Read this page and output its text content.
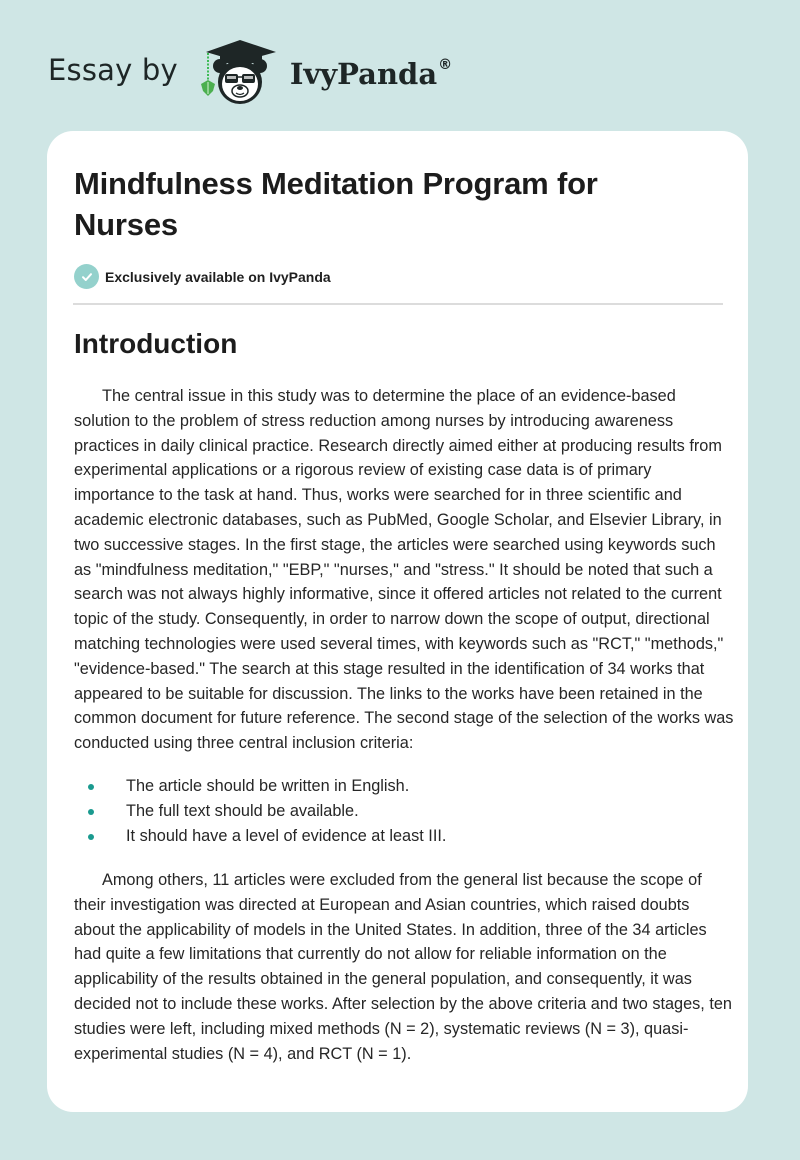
Essay by	IvyPanda®
Mindfulness Meditation Program for Nurses
Exclusively available on IvyPanda
Introduction

The central issue in this study was to determine the place of an evidence-based solution to the problem of stress reduction among nurses by introducing awareness practices in daily clinical practice. Research directly aimed either at producing results from experimental applications or a rigorous review of existing case data is of primary importance to the task at hand. Thus, works were searched for in three scientific and academic electronic databases, such as PubMed, Google Scholar, and Elsevier Library, in two successive stages. In the first stage, the articles were searched using keywords such as "mindfulness meditation," "EBP," "nurses," and "stress." It should be noted that such a search was not always highly informative, since it offered articles not related to the current topic of the study. Consequently, in order to narrow down the scope of output, directional matching technologies were used several times, with keywords such as "RCT," "methods," "evidence-based." The search at this stage resulted in the identification of 34 works that appeared to be suitable for discussion. The links to the works have been retained in the common document for future reference. The second stage of the selection of the works was conducted using three central inclusion criteria:

The article should be written in English.
The full text should be available.
It should have a level of evidence at least III.

Among others, 11 articles were excluded from the general list because the scope of their investigation was directed at European and Asian countries, which raised doubts about the applicability of models in the United States. In addition, three of the 34 articles had quite a few limitations that currently do not allow for reliable information on the applicability of the results obtained in the general population, and consequently, it was decided not to include these works. After selection by the above criteria and two stages, ten studies were left, including mixed methods (N = 2), systematic reviews (N = 3), quasi-experimental studies (N = 4), and RCT (N = 1).
